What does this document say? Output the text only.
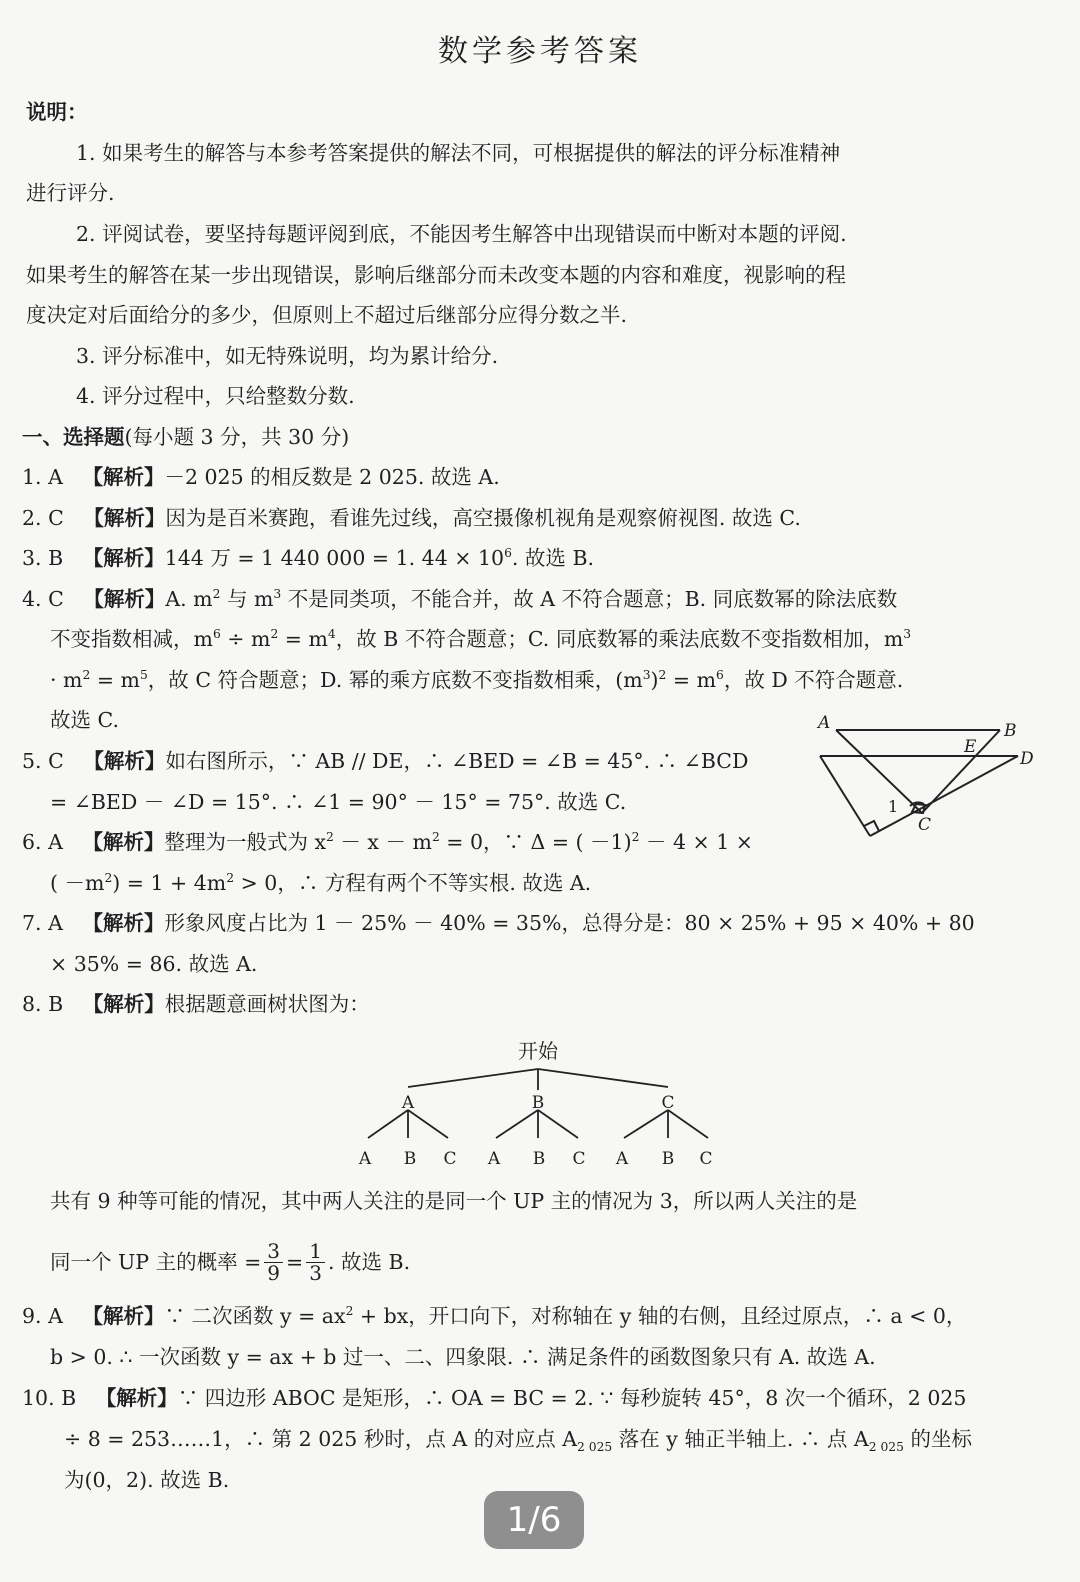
数学参考答案
说明：
1. 如果考生的解答与本参考答案提供的解法不同，可根据提供的解法的评分标准精神
进行评分.
2. 评阅试卷，要坚持每题评阅到底，不能因考生解答中出现错误而中断对本题的评阅.
如果考生的解答在某一步出现错误，影响后继部分而未改变本题的内容和难度，视影响的程
度决定对后面给分的多少，但原则上不超过后继部分应得分数之半.
3. 评分标准中，如无特殊说明，均为累计给分.
4. 评分过程中，只给整数分数.
一、选择题(每小题 3 分，共 30 分)
1. A 【解析】－2 025 的相反数是 2 025. 故选 A.
2. C 【解析】因为是百米赛跑，看谁先过线，高空摄像机视角是观察俯视图. 故选 C.
3. B 【解析】144 万 = 1 440 000 = 1. $44 \times 10^6$. 故选 B.
4. C 【解析】A. $m^2$ 与 $m^3$ 不是同类项，不能合并，故 A 不符合题意；B. 同底数幂的除法底数
不变指数相减，$m^6 \div m^2 = m^4$，故 B 不符合题意；C. 同底数幂的乘法底数不变指数相加，$m^3$
· $m^2 = m^5$，故 C 符合题意；D. 幂的乘方底数不变指数相乘，$(m^3)^2 = m^6$，故 D 不符合题意.
故选 C.	A	B
E
D
1
C
5. C 【解析】如右图所示，∵ AB // DE，∴ ∠BED = ∠B = 45°. ∴ ∠BCD
= ∠BED － ∠D = 15°. ∴ ∠1 = 90° － 15° = 75°. 故选 C.
6. A 【解析】整理为一般式为 $x^2 - x - m^2 = 0$，∵ Δ = ( －1)$^2$ － 4 × 1 ×
( $-m^2) = 1 + 4m^2 > 0$，∴ 方程有两个不等实根. 故选 A.
7. A 【解析】形象风度占比为 1 － 25% － 40% = 35%，总得分是：80 × 25% + 95 × 40% + 80
× 35% = 86. 故选 A.
8. B 【解析】根据题意画树状图为：
开始
A	B	C
A B C A B C A B C
共有 9 种等可能的情况，其中两人关注的是同一个 UP 主的情况为 3，所以两人关注的是
同一个 UP 主的概率 = $\frac{3}{9} = \frac{1}{3}$ . 故选 B.
9. A 【解析】∵ 二次函数 $y = ax^2$ + bx，开口向下，对称轴在 y 轴的右侧，且经过原点，∴ a < 0，
b > 0. ∴ 一次函数 y = ax + b 过一、二、四象限. ∴ 满足条件的函数图象只有 A. 故选 A.
10. B 【解析】∵ 四边形 ABOC 是矩形，∴ OA = BC = 2. ∵ 每秒旋转 45°，8 次一个循环，2 025
÷ 8 = 253……1，∴ 第 2 025 秒时，点 A 的对应点 $A_{2 025}$ 落在 y 轴正半轴上. ∴ 点 $A_{2 025}$ 的坐标
为(0，2). 故选 B.
1/6
